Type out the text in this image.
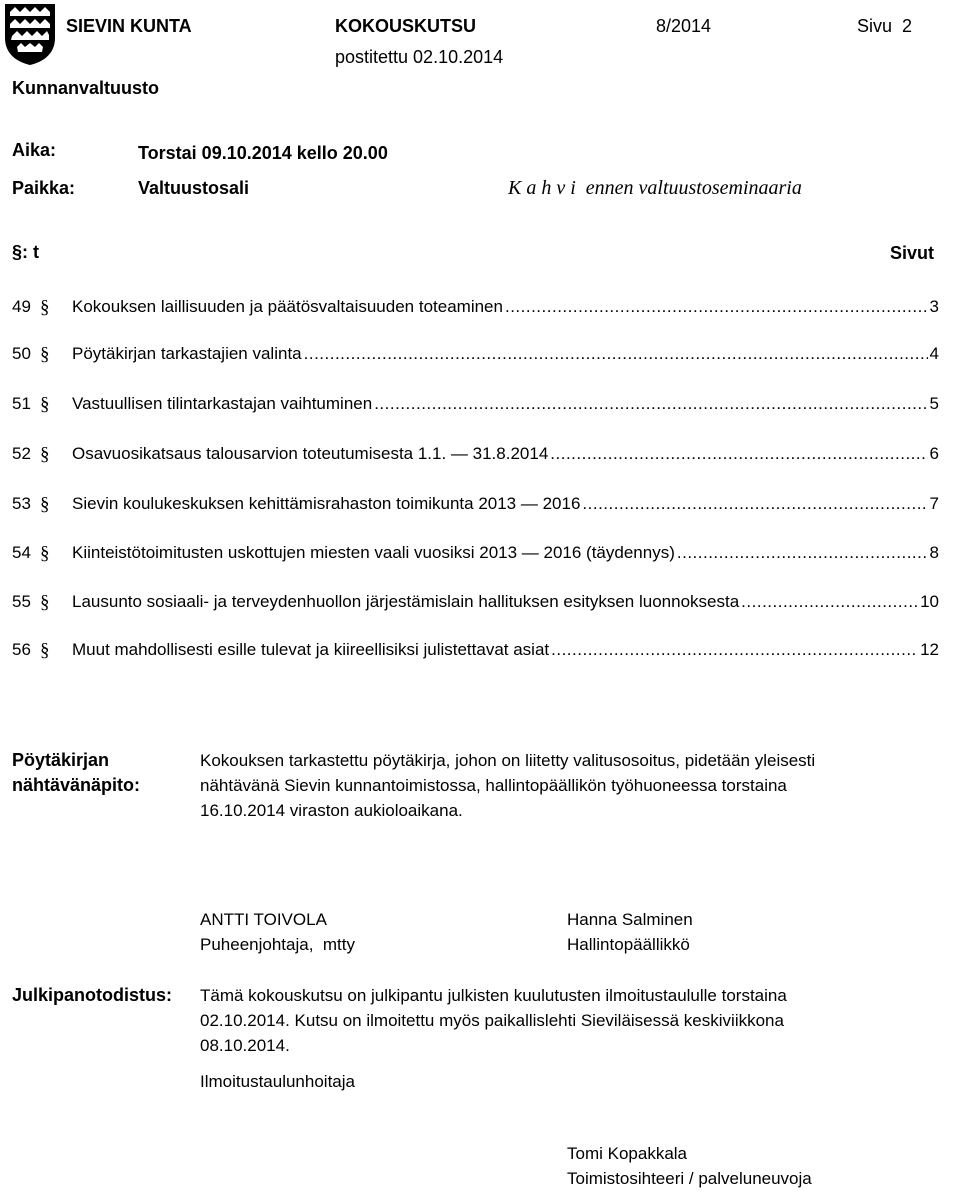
SIEVIN KUNTA	KOKOUSKUTSU	8/2014	Sivu  2
postitettu 02.10.2014
Kunnanvaltuusto
Aika:	Torstai 09.10.2014 kello 20.00
Paikka:	Valtuustosali	K a h v i  ennen valtuustoseminaaria
§: t	Sivut
49 § Kokouksen laillisuuden ja päätösvaltaisuuden toteaminen .....	3
50 § Pöytäkirjan tarkastajien valinta .....	4
51 § Vastuullisen tilintarkastajan vaihtuminen .....	5
52 § Osavuosikatsaus talousarvion toteutumisesta 1.1. — 31.8.2014 .....	6
53 § Sievin koulukeskuksen kehittämisrahaston toimikunta 2013 — 2016 .....	7
54 § Kiinteistötoimitusten uskottujen miesten vaali vuosiksi 2013 — 2016 (täydennys) .....	8
55 § Lausunto sosiaali- ja terveydenhuollon järjestämislain hallituksen esityksen luonnoksesta .....	10
56 § Muut mahdollisesti esille tulevat ja kiireellisiksi julistettavat asiat .....	12
Pöytäkirjan
nähtävänäpito:
Kokouksen tarkastettu pöytäkirja, johon on liitetty valitusosoitus, pidetään yleisesti
nähtävänä Sievin kunnantoimistossa, hallintopäällikön työhuoneessa torstaina
16.10.2014 viraston aukioloaikana.
ANTTI TOIVOLA
Puheenjohtaja,  mtty
Hanna Salminen
Hallintopäällikkö
Julkipanotodistus: Tämä kokouskutsu on julkipantu julkisten kuulutusten ilmoitustaululle torstaina
02.10.2014. Kutsu on ilmoitettu myös paikallislehti Sieviläisessä keskiviikkona
08.10.2014.
Ilmoitustaulunhoitaja
Tomi Kopakkala
Toimistosihteeri / palveluneuvoja
